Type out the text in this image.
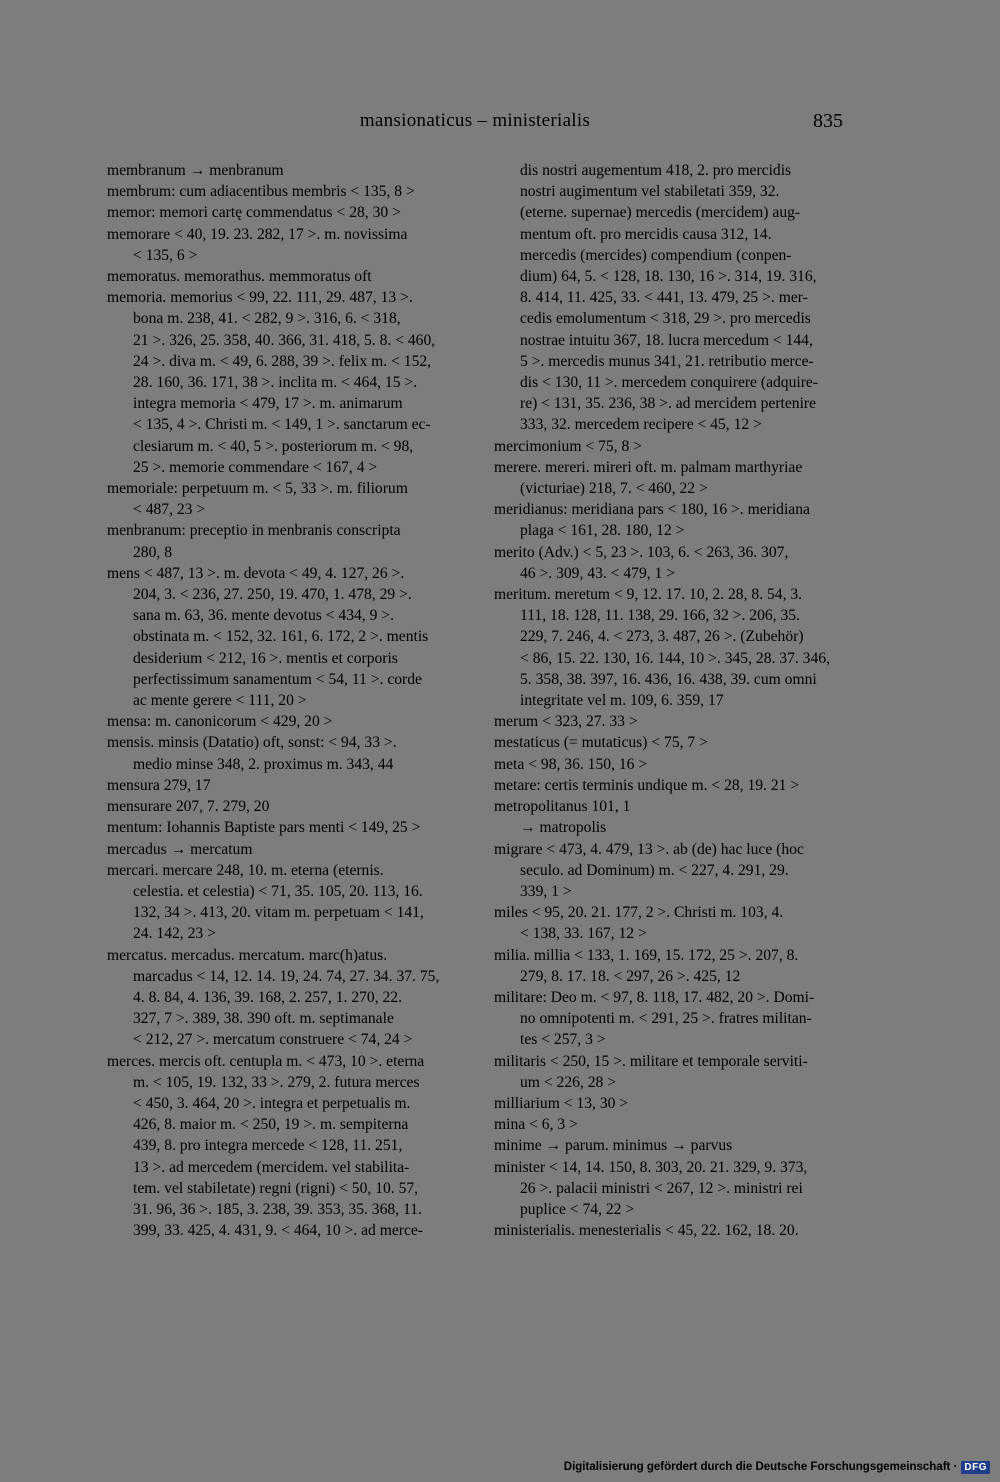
mansionaticus – ministerialis	835
membranum → menbranum
membrum: cum adiacentibus membris < 135, 8 >
memor: memori cartę commendatus < 28, 30 >
memorare < 40, 19. 23. 282, 17 >. m. novissima
< 135, 6 >
memoratus. memorathus. memmoratus oft
memoria. memorius < 99, 22. 111, 29. 487, 13 >.
bona m. 238, 41. < 282, 9 >. 316, 6. < 318,
21 >. 326, 25. 358, 40. 366, 31. 418, 5. 8. < 460,
24 >. diva m. < 49, 6. 288, 39 >. felix m. < 152,
28. 160, 36. 171, 38 >. inclita m. < 464, 15 >.
integra memoria < 479, 17 >. m. animarum
< 135, 4 >. Christi m. < 149, 1 >. sanctarum ec-
clesiarum m. < 40, 5 >. posteriorum m. < 98,
25 >. memorie commendare < 167, 4 >
memoriale: perpetuum m. < 5, 33 >. m. filiorum
< 487, 23 >
menbranum: preceptio in menbranis conscripta
280, 8
mens < 487, 13 >. m. devota < 49, 4. 127, 26 >.
204, 3. < 236, 27. 250, 19. 470, 1. 478, 29 >.
sana m. 63, 36. mente devotus < 434, 9 >.
obstinata m. < 152, 32. 161, 6. 172, 2 >. mentis
desiderium < 212, 16 >. mentis et corporis
perfectissimum sanamentum < 54, 11 >. corde
ac mente gerere < 111, 20 >
mensa: m. canonicorum < 429, 20 >
mensis. minsis (Datatio) oft, sonst: < 94, 33 >.
medio minse 348, 2. proximus m. 343, 44
mensura 279, 17
mensurare 207, 7. 279, 20
mentum: Iohannis Baptiste pars menti < 149, 25 >
mercadus → mercatum
mercari. mercare 248, 10. m. eterna (eternis.
celestia. et celestia) < 71, 35. 105, 20. 113, 16.
132, 34 >. 413, 20. vitam m. perpetuam < 141,
24. 142, 23 >
mercatus. mercadus. mercatum. marc(h)atus.
marcadus < 14, 12. 14. 19, 24. 74, 27. 34. 37. 75,
4. 8. 84, 4. 136, 39. 168, 2. 257, 1. 270, 22.
327, 7 >. 389, 38. 390 oft. m. septimanale
< 212, 27 >. mercatum construere < 74, 24 >
merces. mercis oft. centupla m. < 473, 10 >. eterna
m. < 105, 19. 132, 33 >. 279, 2. futura merces
< 450, 3. 464, 20 >. integra et perpetualis m.
426, 8. maior m. < 250, 19 >. m. sempiterna
439, 8. pro integra mercede < 128, 11. 251,
13 >. ad mercedem (mercidem. vel stabilita-
tem. vel stabiletate) regni (rigni) < 50, 10. 57,
31. 96, 36 >. 185, 3. 238, 39. 353, 35. 368, 11.
399, 33. 425, 4. 431, 9. < 464, 10 >. ad merce-
dis nostri augementum 418, 2. pro mercidis
nostri augimentum vel stabiletati 359, 32.
(eterne. supernae) mercedis (mercidem) aug-
mentum oft. pro mercidis causa 312, 14.
mercedis (mercides) compendium (conpen-
dium) 64, 5. < 128, 18. 130, 16 >. 314, 19. 316,
8. 414, 11. 425, 33. < 441, 13. 479, 25 >. mer-
cedis emolumentum < 318, 29 >. pro mercedis
nostrae intuitu 367, 18. lucra mercedum < 144,
5 >. mercedis munus 341, 21. retributio merce-
dis < 130, 11 >. mercedem conquirere (adquire-
re) < 131, 35. 236, 38 >. ad mercidem pertenire
333, 32. mercedem recipere < 45, 12 >
mercimonium < 75, 8 >
merere. mereri. mireri oft. m. palmam marthyriae
(victuriae) 218, 7. < 460, 22 >
meridianus: meridiana pars < 180, 16 >. meridiana
plaga < 161, 28. 180, 12 >
merito (Adv.) < 5, 23 >. 103, 6. < 263, 36. 307,
46 >. 309, 43. < 479, 1 >
meritum. meretum < 9, 12. 17. 10, 2. 28, 8. 54, 3.
111, 18. 128, 11. 138, 29. 166, 32 >. 206, 35.
229, 7. 246, 4. < 273, 3. 487, 26 >. (Zubehör)
< 86, 15. 22. 130, 16. 144, 10 >. 345, 28. 37. 346,
5. 358, 38. 397, 16. 436, 16. 438, 39. cum omni
integritate vel m. 109, 6. 359, 17
merum < 323, 27. 33 >
mestaticus (= mutaticus) < 75, 7 >
meta < 98, 36. 150, 16 >
metare: certis terminis undique m. < 28, 19. 21 >
metropolitanus 101, 1
→ matropolis
migrare < 473, 4. 479, 13 >. ab (de) hac luce (hoc
seculo. ad Dominum) m. < 227, 4. 291, 29.
339, 1 >
miles < 95, 20. 21. 177, 2 >. Christi m. 103, 4.
< 138, 33. 167, 12 >
milia. millia < 133, 1. 169, 15. 172, 25 >. 207, 8.
279, 8. 17. 18. < 297, 26 >. 425, 12
militare: Deo m. < 97, 8. 118, 17. 482, 20 >. Domi-
no omnipotenti m. < 291, 25 >. fratres militan-
tes < 257, 3 >
militaris < 250, 15 >. militare et temporale serviti-
um < 226, 28 >
milliarium < 13, 30 >
mina < 6, 3 >
minime → parum. minimus → parvus
minister < 14, 14. 150, 8. 303, 20. 21. 329, 9. 373,
26 >. palacii ministri < 267, 12 >. ministri rei
puplice < 74, 22 >
ministerialis. menesterialis < 45, 22. 162, 18. 20.
Digitalisierung gefördert durch die Deutsche Forschungsgemeinschaft · DFG
